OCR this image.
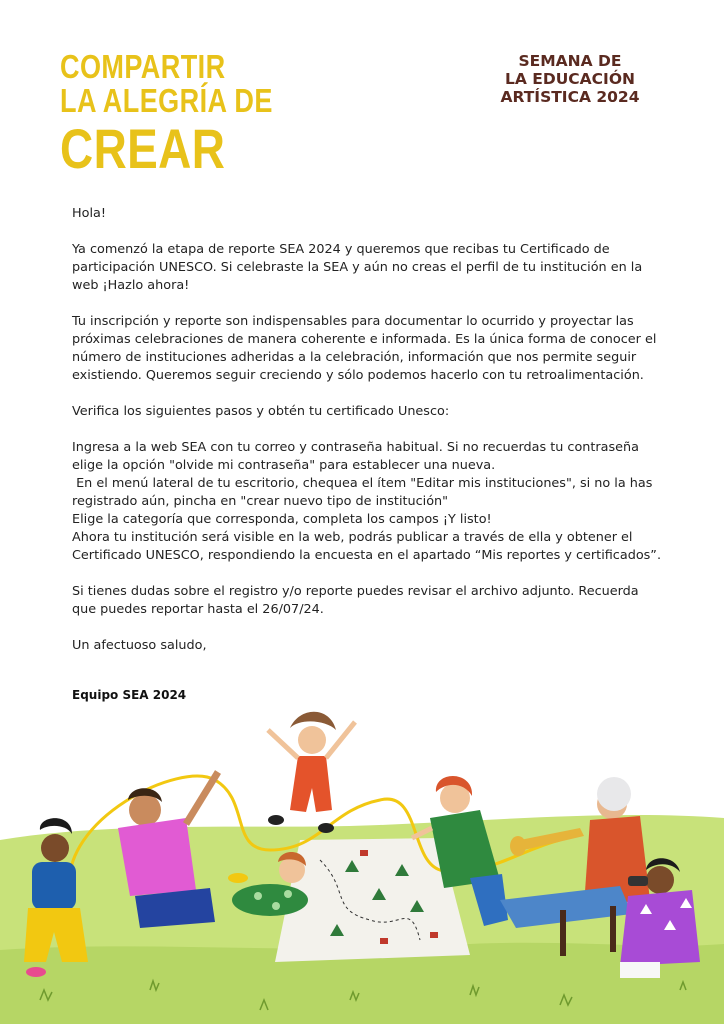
COMPARTIR
LA ALEGRÍA DE
CREAR
SEMANA DE
LA EDUCACIÓN
ARTÍSTICA 2024

Hola!

Ya comenzó la etapa de reporte SEA 2024 y queremos que recibas tu Certificado de participación UNESCO. Si celebraste la SEA y aún no creas el perfil de tu institución en la web ¡Hazlo ahora!

Tu inscripción y reporte son indispensables para documentar lo ocurrido y proyectar las próximas celebraciones de manera coherente e informada. Es la única forma de conocer el número de instituciones adheridas a la celebración, información que nos permite seguir existiendo. Queremos seguir creciendo y sólo podemos hacerlo con tu retroalimentación.

Verifica los siguientes pasos y obtén tu certificado Unesco:

Ingresa a la web SEA con tu correo y contraseña habitual. Si no recuerdas tu contraseña elige la opción "olvide mi contraseña" para establecer una nueva.

En el menú lateral de tu escritorio, chequea el ítem "Editar mis instituciones", si no la has registrado aún, pincha en "crear nuevo tipo de institución"

Elige la categoría que corresponda, completa los campos ¡Y listo!

Ahora tu institución será visible en la web, podrás publicar a través de ella y obtener el Certificado UNESCO, respondiendo la encuesta en el apartado “Mis reportes y certificados”.

Si tienes dudas sobre el registro y/o reporte puedes revisar el archivo adjunto. Recuerda que puedes reportar hasta el 26/07/24.

Un afectuoso saludo,

Equipo SEA 2024
